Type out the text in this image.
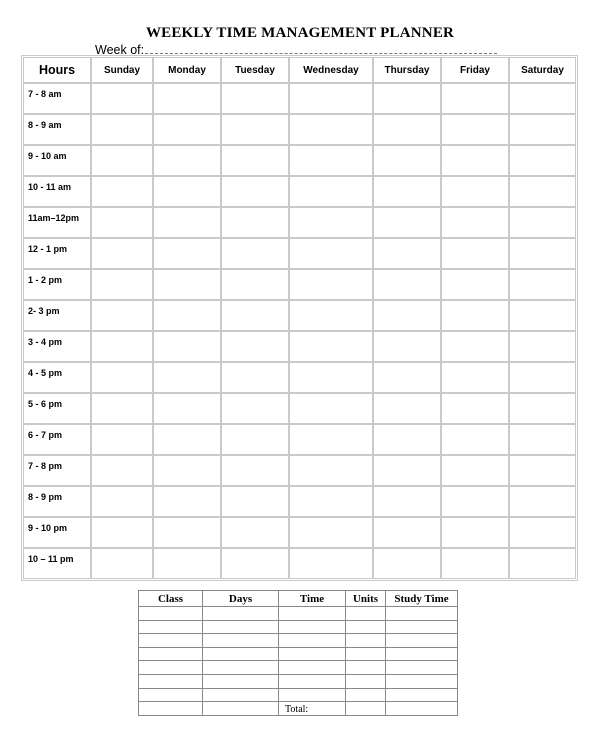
WEEKLY TIME MANAGEMENT PLANNER
Week of:
Hours	Sunday	Monday	Tuesday	Wednesday	Thursday	Friday	Saturday
7 - 8 am							
8 - 9 am							
9 - 10 am							
10 - 11 am							
11am–12pm							
12 - 1 pm							
1 - 2 pm							
2- 3 pm							
3 - 4 pm							
4 - 5 pm							
5 - 6 pm							
6 - 7 pm							
7 - 8 pm							
8 - 9 pm							
9 - 10 pm							
10 – 11 pm							
Class	Days	Time	Units	Study Time

		Total:		
